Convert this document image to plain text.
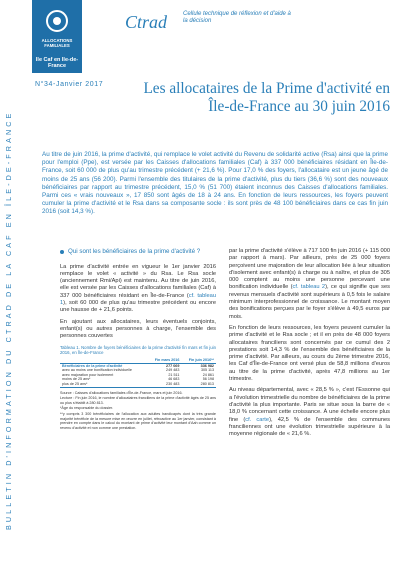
BULLETIN D'INFORMATION DU CTRAD DE LA CAF EN ÎLE-DE-FRANCE
ALLOCATIONS FAMILIALES
Ile Caf en Ile-de-France
Ctrad	Cellule technique de réflexion et d'aide à la décision
N°34-Janvier 2017	Les allocataires de la Prime d'activité en Île-de-France au 30 juin 2016
Au titre de juin 2016, la prime d'activité, qui remplace le volet activité du Revenu de solidarité active (Rsa) ainsi que la prime pour l'emploi (Ppe), est versée par les Caisses d'allocations familiales (Caf) à 337 000 bénéficiaires résidant en Île-de-France, soit 60 000 de plus qu'au trimestre précédent (+ 21,6 %). Pour 17,0 % des foyers, l'allocataire est un jeune âgé de moins de 25 ans (56 200). Parmi l'ensemble des titulaires de la prime d'activité, plus du tiers (36,6 %) sont des nouveaux bénéficiaires par rapport au trimestre précédent, 15,0 % (51 700) étaient inconnus des Caisses d'allocations familiales. Parmi ces « vrais nouveaux », 17 850 sont âgés de 18 à 24 ans. En fonction de leurs ressources, les foyers peuvent cumuler la prime d'activité et le Rsa dans sa composante socle : ils sont près de 48 100 bénéficiaires dans ce cas fin juin 2016 (soit 14,3 %).
Qui sont les bénéficiaires de la prime d'activité ?

La prime d'activité entrée en vigueur le 1er janvier 2016 remplace le volet « activité » du Rsa. Le Rsa socle (anciennement Rmi/Api) est maintenu. Au titre de juin 2016, elle est versée par les Caisses d'allocations familiales (Caf) à 337 000 bénéficiaires résidant en Île-de-France (cf. tableau 1), soit 60 000 de plus qu'au trimestre précédent ou encore une hausse de + 21,6 points.

En ajoutant aux allocataires, leurs éventuels conjoints, enfant(s) ou autres personnes à charge, l'ensemble des personnes couvertes

Tableau 1. Nombre de foyers bénéficiaires de la prime d'activité fin mars et fin juin 2016, en Île-de-France
	Fin mars 2016	Fin juin 2016**
Bénéficiaires de la prime d'activité	277 069	336 982
avec au moins une bonification individuelle	249 483	305 113
avec majoration pour isolement	21 511	24 861
moins de 25 ans*	46 683	56 198
plus de 25 ans*	230 483	280 813
Source : Caisses d'allocations familiales d'Île-de-France, mars et juin 2016.
Lecture : Fin juin 2016, le nombre d'allocataires franciliens de la prime d'activité âgés de 25 ans ou plus s'établit à 280 813.
*Âge du responsable du dossier.
**y compris 3 300 bénéficiaires de l'allocation aux adultes handicapés dont la très grande majorité bénéficie de la mesure mise en œuvre en juillet, rétroactive au 1er janvier, consistant à prendre en compte dans le calcul du montant de prime d'activité leur montant d'Aah comme un revenu d'activité et non comme une prestation.

par la prime d'activité s'élève à 717 100 fin juin 2016 (+ 115 000 par rapport à mars). Par ailleurs, près de 25 000 foyers perçoivent une majoration de leur allocation liée à leur situation d'isolement avec enfant(s) à charge ou à naître, et plus de 305 000 comptent au moins une personne percevant une bonification individuelle (cf. tableau 2), ce qui signifie que ses revenus mensuels d'activité sont supérieurs à 0,5 fois le salaire minimum interprofessionnel de croissance. Le montant moyen des bonifications perçues par le foyer s'élève à 49,5 euros par mois.

En fonction de leurs ressources, les foyers peuvent cumuler la prime d'activité et le Rsa socle ; et il en près de 48 000 foyers allocataires franciliens sont concernés par ce cumul des 2 prestations soit 14,3 % de l'ensemble des bénéficiaires de la prime d'activité. Par ailleurs, au cours du 2ème trimestre 2016, les Caf d'Île-de-France ont versé plus de 58,8 millions d'euros au titre de la prime d'activité, après 47,8 millions au 1er trimestre.

Au niveau départemental, avec « 28,5 % », c'est l'Essonne qui a l'évolution trimestrielle du nombre de bénéficiaires de la prime d'activité la plus importante. Paris se situe sous la barre de « 18,0 % concernant cette croissance. À une échelle encore plus fine (cf. carte), 42,5 % de l'ensemble des communes franciliennes ont une évolution trimestrielle supérieure à la moyenne régionale de « 21,6 %.
